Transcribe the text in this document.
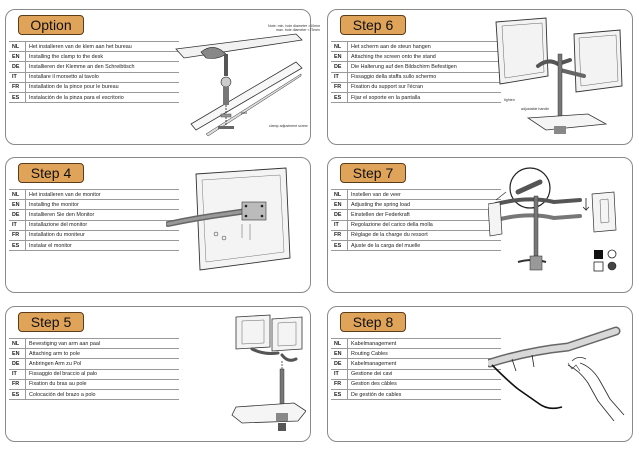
Option
NL	Het installeren van de klem aan het bureau
EN	Installing the clamp to the desk
DE	Installieren der Klemme an den Schreibtisch
IT	Installare il morsetto al tavolo
FR	Installation de la pince pour le bureau
ES	Instalación de la pinza para el escritorio
Note: min. hole diameter >10mm
max. hole diameter <75mm
pad
clamp adjustment screw
Step 6
NL	Het scherm aan de steun hangen
EN	Attaching the screen onto the stand
DE	Die Halterung auf den Bildschirm Befestigen
IT	Fissaggio della staffa sullo schermo
FR	Fixation du support sur l'écran
ES	Fijar el soporte en la pantalla	tighten
adjustable handle
Step 4
NL	Het installeren van de monitor
EN	Installing the monitor
DE	Installieren Sie den Monitor
IT	Installazione del monitor
FR	Installation du moniteur
ES	Instalar el monitor
Step 7
NL	Instellen van de veer
EN	Adjusting the spring load
DE	Einstellen der Federkraft
IT	Regolazione del carico della molla
FR	Réglage de la charge du ressort
ES	Ajuste de la carga del muelle
Step 5
NL	Bevestiging van arm aan paal
EN	Attaching arm to pole
DE	Anbringen Arm zu Pol
IT	Fissaggio del braccio al palo
FR	Fixation du bras au pole
ES	Colocación del brazo a polo
Step 8
NL	Kabelmanagement
EN	Routing Cables
DE	Kabelmanagement
IT	Gestione dei cavi
FR	Gestion des câbles
ES	De gestión de cables
